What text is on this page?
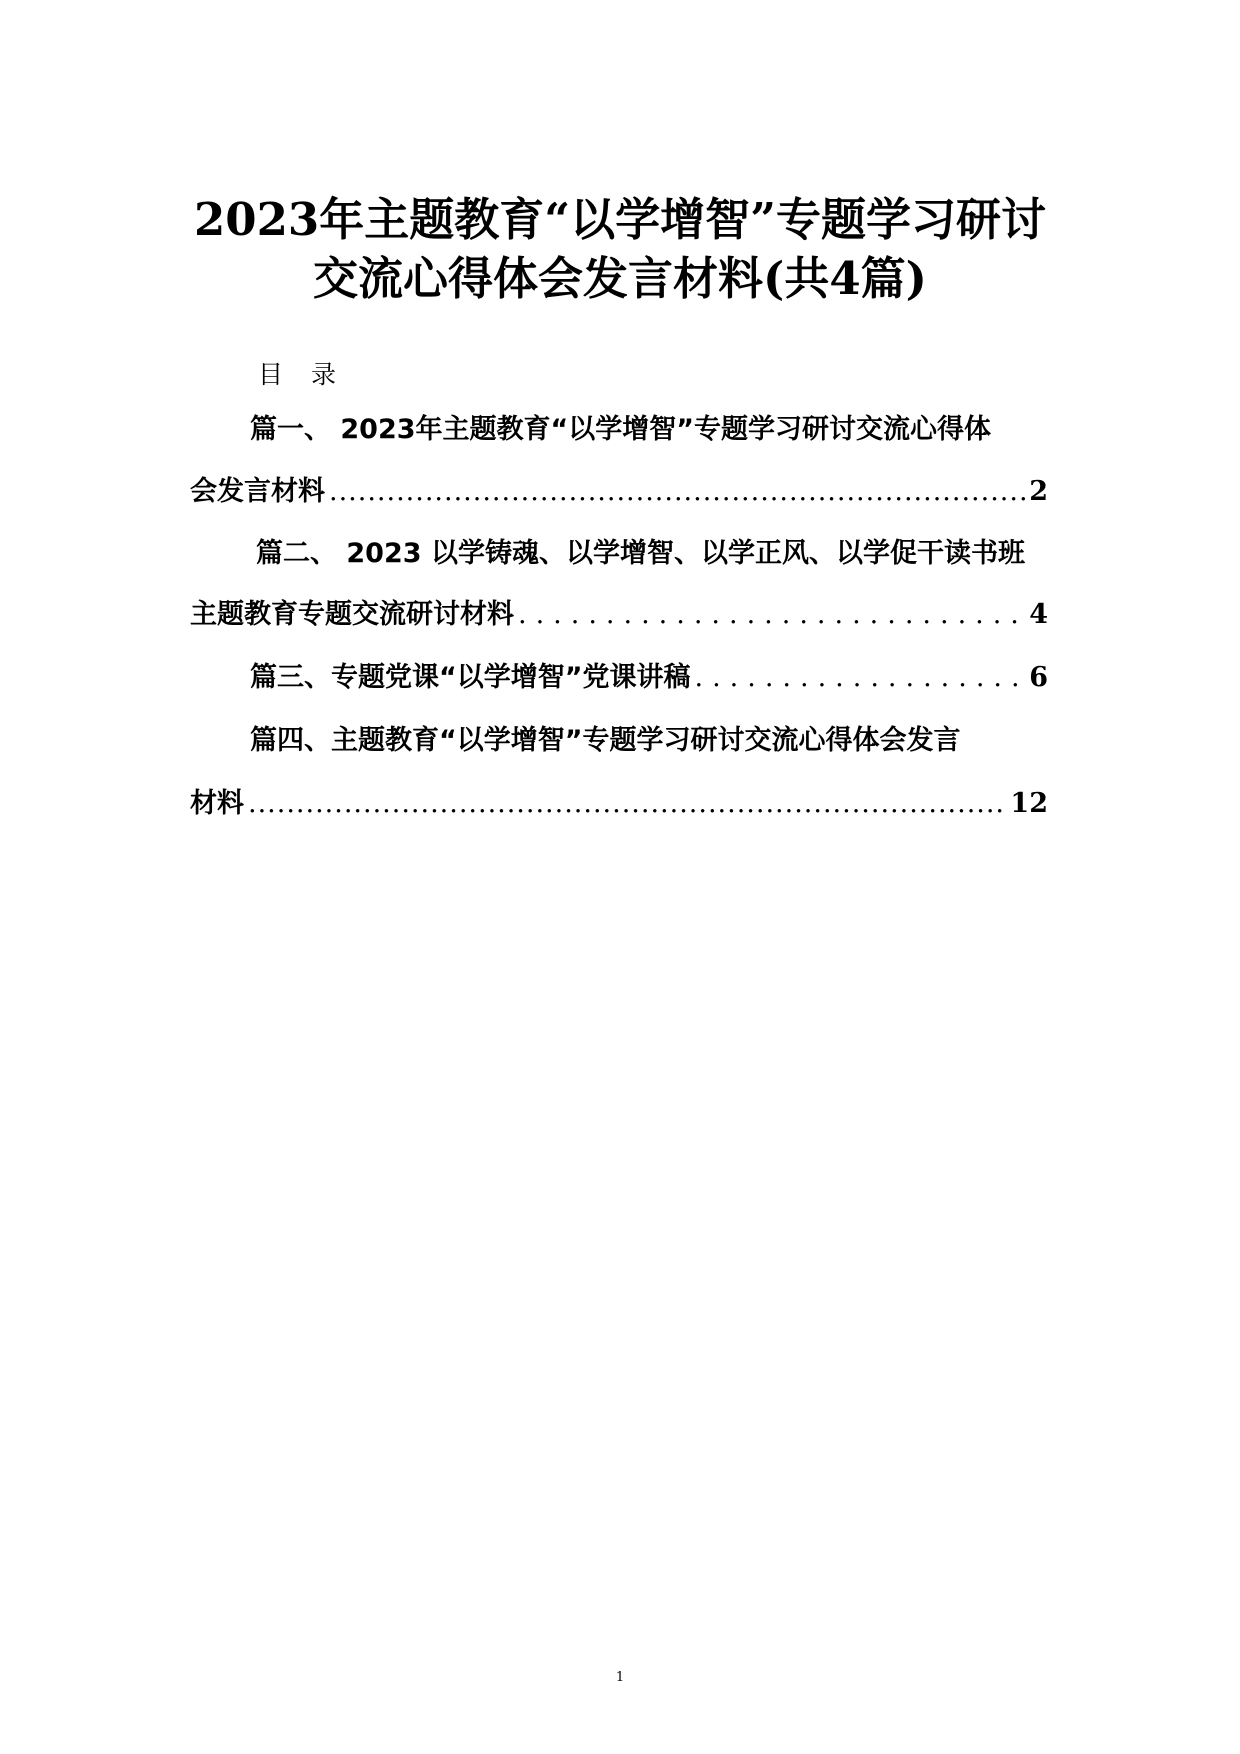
2023年主题教育“以学增智”专题学习研讨
交流心得体会发言材料(共4篇)
目录
篇一、 2023年主题教育“以学增智”专题学习研讨交流心得体
会发言材料 .....	2
篇二、 2023 以学铸魂、以学增智、以学正风、以学促干读书班
主题教育专题交流研讨材料 .....	4
篇三、专题党课“以学增智”党课讲稿 .....	6
篇四、主题教育“以学增智”专题学习研讨交流心得体会发言
材料 .....	12
1
